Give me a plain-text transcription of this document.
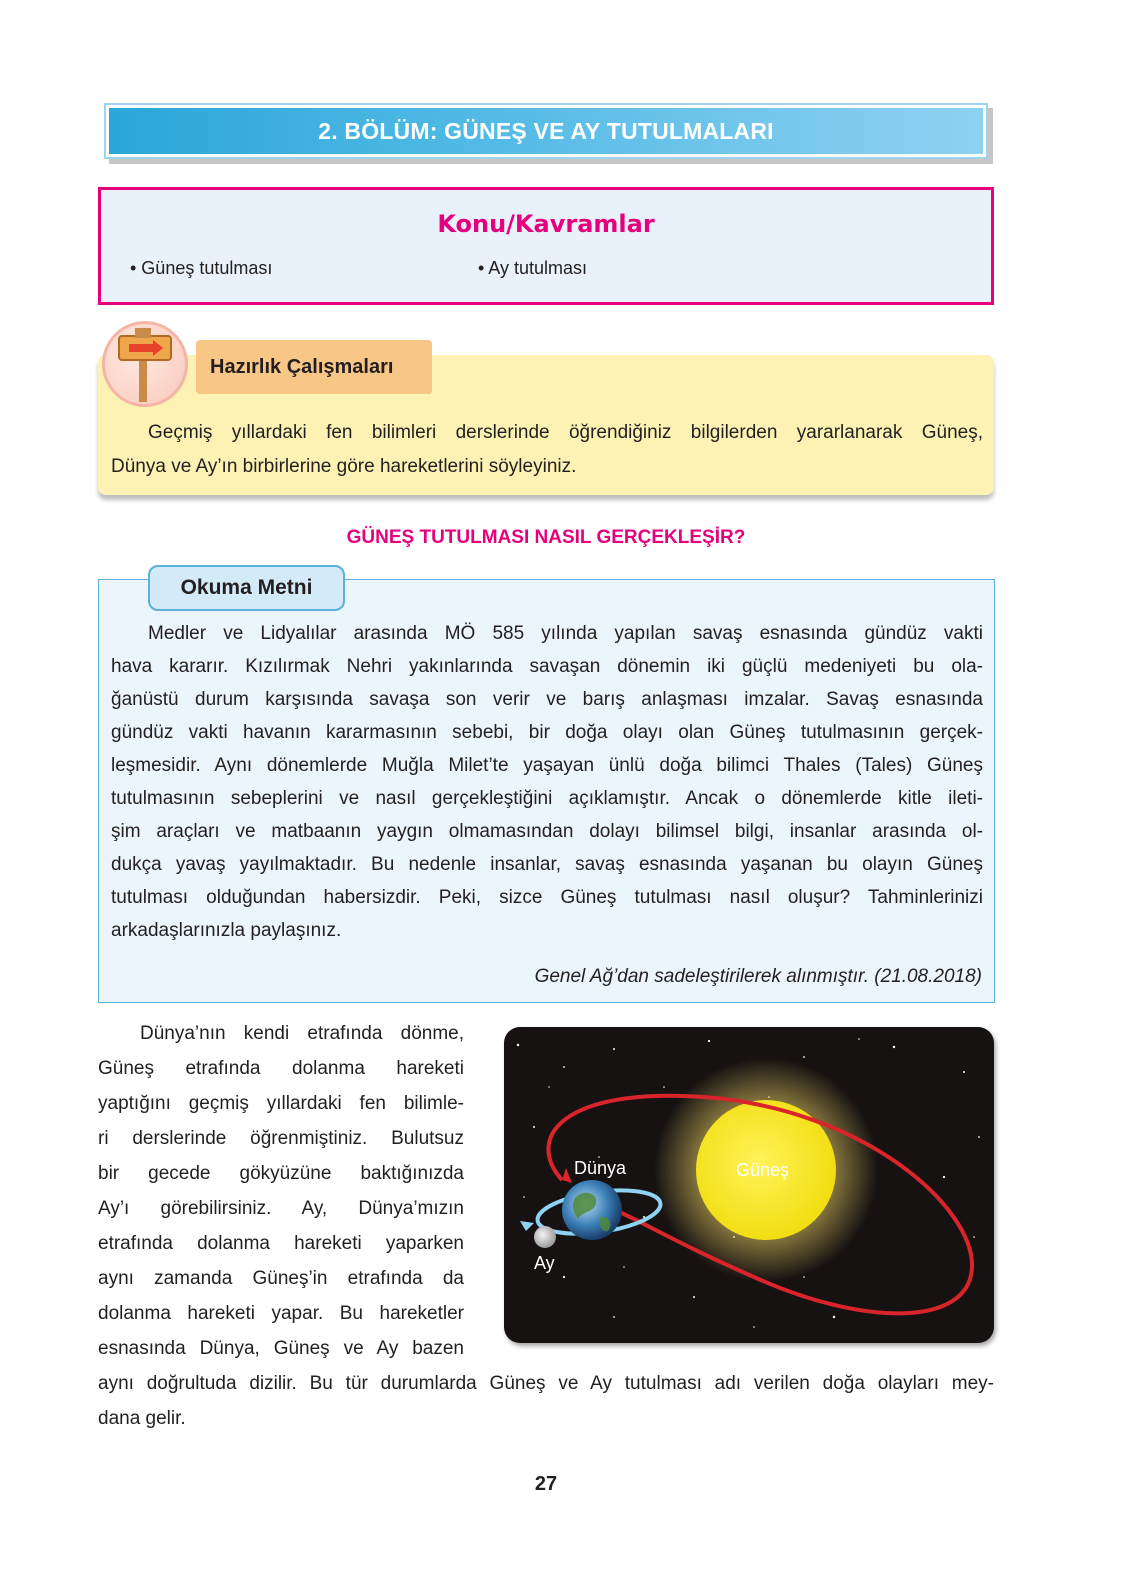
2. BÖLÜM: GÜNEŞ VE AY TUTULMALARI
Konu/Kavramlar
• Güneş tutulması	• Ay tutulması
Hazırlık Çalışmaları
Geçmiş yıllardaki fen bilimleri derslerinde öğrendiğiniz bilgilerden yararlanarak Güneş,
Dünya ve Ay’ın birbirlerine göre hareketlerini söyleyiniz.
GÜNEŞ TUTULMASI NASIL GERÇEKLEŞİR?
Okuma Metni
Medler ve Lidyalılar arasında MÖ 585 yılında yapılan savaş esnasında gündüz vakti
hava kararır. Kızılırmak Nehri yakınlarında savaşan dönemin iki güçlü medeniyeti bu ola-
ğanüstü durum karşısında savaşa son verir ve barış anlaşması imzalar. Savaş esnasında
gündüz vakti havanın kararmasının sebebi, bir doğa olayı olan Güneş tutulmasının gerçek-
leşmesidir. Aynı dönemlerde Muğla Milet’te yaşayan ünlü doğa bilimci Thales (Tales) Güneş
tutulmasının sebeplerini ve nasıl gerçekleştiğini açıklamıştır. Ancak o dönemlerde kitle ileti-
şim araçları ve matbaanın yaygın olmamasından dolayı bilimsel bilgi, insanlar arasında ol-
dukça yavaş yayılmaktadır. Bu nedenle insanlar, savaş esnasında yaşanan bu olayın Güneş
tutulması olduğundan habersizdir. Peki, sizce Güneş tutulması nasıl oluşur? Tahminlerinizi
arkadaşlarınızla paylaşınız.
Genel Ağ’dan sadeleştirilerek alınmıştır. (21.08.2018)
Dünya’nın kendi etrafında dönme,
Güneş etrafında dolanma hareketi
yaptığını geçmiş yıllardaki fen bilimle-
ri derslerinde öğrenmiştiniz. Bulutsuz
bir gecede gökyüzüne baktığınızda
Ay’ı görebilirsiniz. Ay, Dünya’mızın
etrafında dolanma hareketi yaparken
aynı zamanda Güneş’in etrafında da
dolanma hareketi yapar. Bu hareketler
esnasında Dünya, Güneş ve Ay bazen
aynı doğrultuda dizilir. Bu tür durumlarda Güneş ve Ay tutulması adı verilen doğa olayları mey-
dana gelir.
Dünya	Güneş
Ay
27
